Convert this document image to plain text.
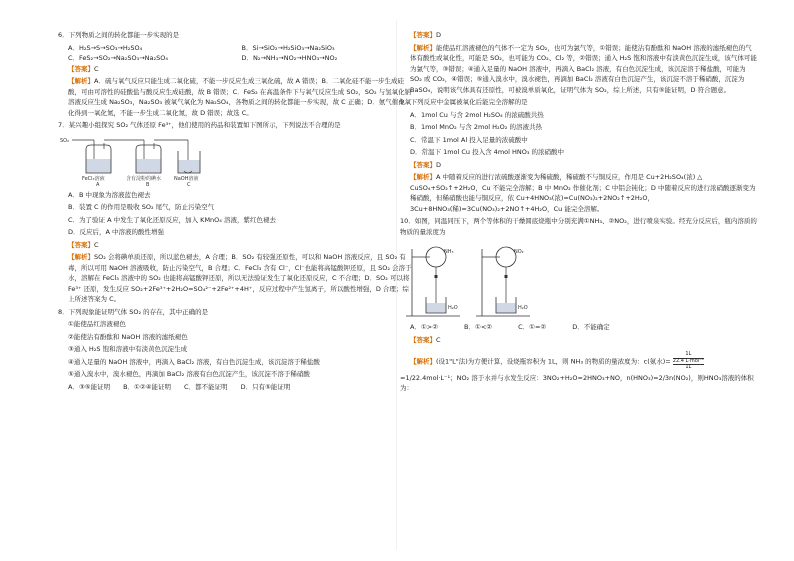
6．下列物质之间的转化都能一步实现的是

A．H₂S→S→SO₃→H₂SO₄	B．Si→SiO₂→H₂SiO₃→Na₂SiO₃
C．FeS₂→SO₂→Na₂SO₃→Na₂SO₄	D．N₂→NH₃→NO₂→HNO₃→NO₂

【答案】C

【解析】A．硫与氧气反应只能生成二氧化硫，不能一步反应生成三氧化硫，故 A 错误；B．二氧化硅不能一步生成硅酸，可由可溶性的硅酸盐与酸反应生成硅酸，故 B 错误；C．FeS₂ 在高温条件下与氧气反应生成 SO₂，SO₂ 与氢氧化钠溶液反应生成 Na₂SO₃，Na₂SO₃ 被氧气氧化为 Na₂SO₄，各物质之间的转化都能一步实现，故 C 正确；D．氨气催化氧化得到一氧化氮，不能一步生成二氧化氮，故 D 错误；故选 C。

7．某兴趣小组探究 SO₂ 气体还原 Fe³⁺，他们使用的药品和装置如下图所示，下列说法不合理的是

SO₂
FeCl₃溶液	含有淀粉的碘水	NaOH溶液
A	B	C

A．B 中现象为溶液蓝色褪去

B．装置 C 的作用是吸收 SO₂ 尾气，防止污染空气

C．为了验证 A 中发生了氧化还原反应，加入 KMnO₄ 溶液，紫红色褪去

D．反应后，A 中溶液的酸性增强

【答案】C

【解析】SO₂ 会将碘单质还原，所以蓝色褪去，A 合理；B．SO₂ 有较强还原性，可以和 NaOH 溶液反应，且 SO₂ 有毒，所以可用 NaOH 溶液吸收，防止污染空气，B 合理；C．FeCl₃ 含有 Cl⁻，Cl⁻也能将高锰酸钾还原，且 SO₂ 会溶于水，溶解在 FeCl₃ 溶液中的 SO₂ 也能将高锰酸钾还原，所以无法验证发生了氧化还原反应，C 不合理；D．SO₂ 可以将 Fe³⁺ 还原，发生反应 SO₂+2Fe³⁺+2H₂O=SO₄²⁻+2Fe²⁺+4H⁺，反应过程中产生氢离子，所以酸性增强，D 合理；综上所述答案为 C。

8．下列现象能证明气体 SO₂ 的存在，其中正确的是

①能使品红溶液褪色

②能使沾有酚酞和 NaOH 溶液的滤纸褪色

③通入 H₂S 饱和溶液中有淡黄色沉淀生成

④通入足量的 NaOH 溶液中，再滴入 BaCl₂ 溶液，有白色沉淀生成，该沉淀溶于稀盐酸

⑤通入溴水中，溴水褪色，再滴加 BaCl₂ 溶液有白色沉淀产生，该沉淀不溶于稀硝酸

A．③⑤能证明　　B．①②④能证明　　C．都不能证明　　D．只有⑤能证明

【答案】D

【解析】能使品红溶液褪色的气体不一定为 SO₂，也可为氯气等，①错误；能使沾有酚酞和 NaOH 溶液的滤纸褪色的气体有酸性或氧化性，可能是 SO₂，也可能为 CO₂、Cl₂ 等，②错误；通入 H₂S 饱和溶液中有淡黄色沉淀生成，该气体可能为氯气等，③错误；④通入足量的 NaOH 溶液中，再滴入 BaCl₂ 溶液，有白色沉淀生成，该沉淀溶于稀盐酸，可能为 SO₂ 或 CO₂，④错误；⑤通入溴水中，溴水褪色，再滴加 BaCl₂ 溶液有白色沉淀产生，该沉淀不溶于稀硝酸，沉淀为 BaSO₄，说明该气体具有还原性，可被溴单质氧化，证明气体为 SO₂，综上所述，只有⑤能证明，D 符合题意。

9．下列反应中金属被氧化后能完全溶解的是

A．1mol Cu 与含 2mol H₂SO₄ 的浓硫酸共热

B．1mol MnO₂ 与含 2mol H₂O₂ 的溶液共热

C．常温下 1mol Al 投入足量的浓硫酸中

D．常温下 1mol Cu 投入含 4mol HNO₃ 的浓硝酸中

【答案】D

【解析】A 中随着反应的进行浓硫酸逐渐变为稀硫酸，稀硫酸不与铜反应，作用是 Cu+2H₂SO₄(浓) △ CuSO₄+SO₂↑+2H₂O，Cu 不能完全溶解；B 中 MnO₂ 作催化剂；C 中铝会钝化；D 中随着反应的进行浓硝酸逐渐变为稀硝酸，但稀硝酸也能与铜反应，依 Cu+4HNO₃(浓)=Cu(NO₃)₂+2NO₂↑+2H₂O，3Cu+8HNO₃(稀)=3Cu(NO₃)₂+2NO↑+4H₂O，Cu 能完全溶解。

10．如图，同温同压下，两个等体积的干燥圆底烧瓶中分别充满①NH₃、②NO₂，进行喷泉实验。经充分反应后，瓶内溶质的物质的量浓度为

NH₃
H₂O
NO₂
H₂O

A．①>②　　　　B．①<②　　　　C．①=②　　　　D．不能确定

【答案】C

【解析】(设1"L"法)为方便计算，设烧瓶容积为 1L，则 NH₃ 的物质的量浓度为：c(氨水)= 1L
22.4 L·mol⁻¹
1L

=1/22.4mol·L⁻¹；NO₂ 溶于水并与水发生反应：3NO₂+H₂O=2HNO₃+NO，n(HNO₃)=2/3n(NO₂)，则HNO₃溶液的体积为：
